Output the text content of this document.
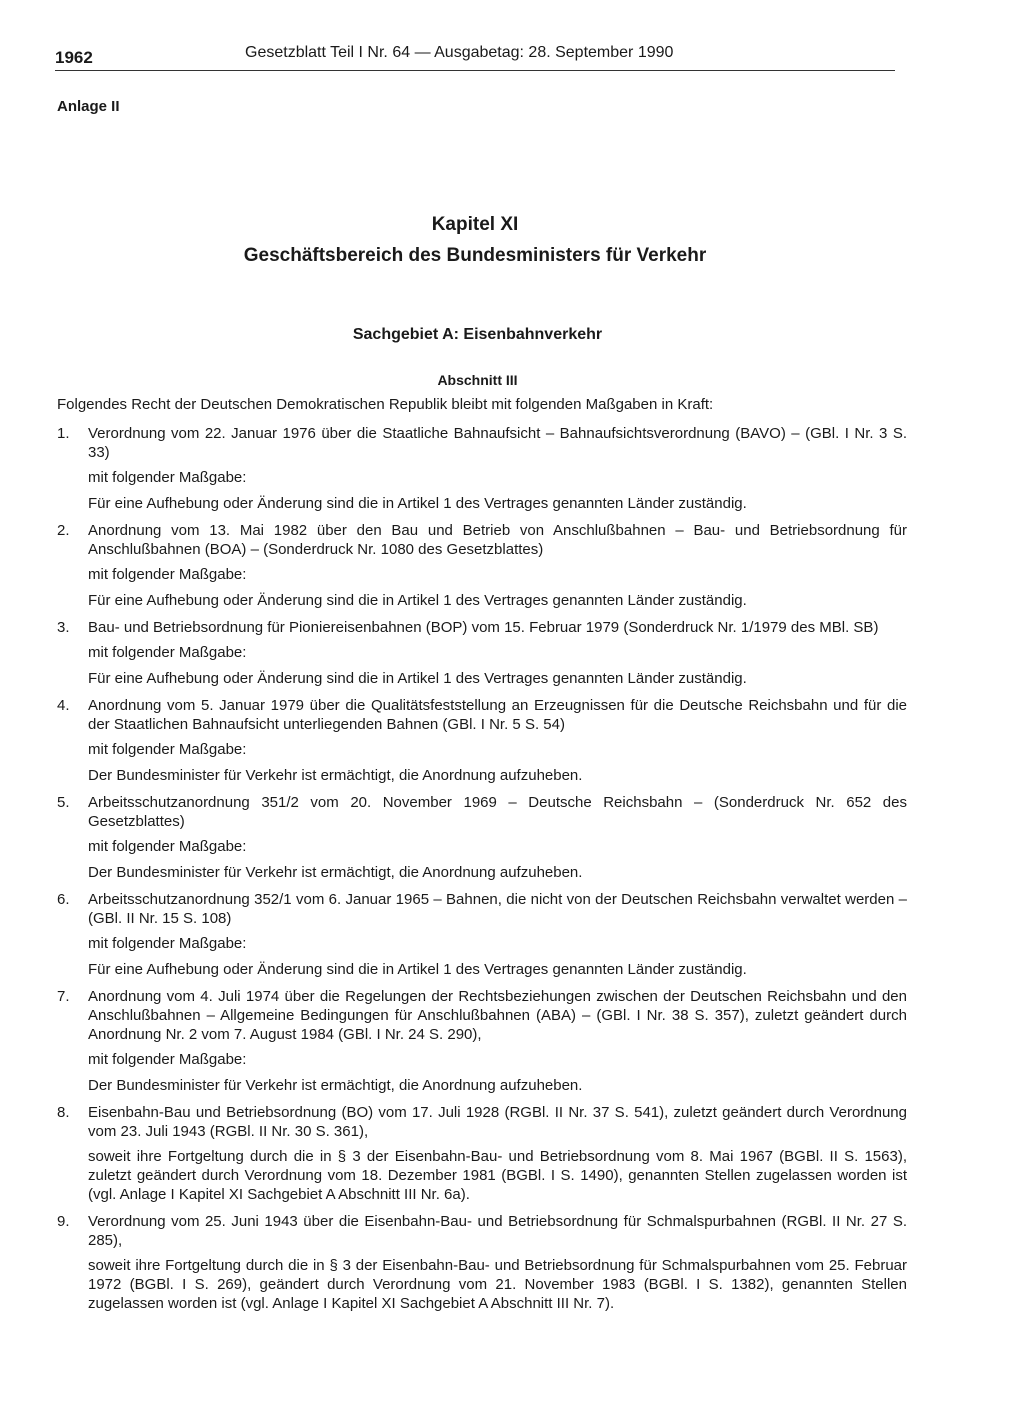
1962	Gesetzblatt Teil I Nr. 64 — Ausgabetag: 28. September 1990
Anlage II
Kapitel XI
Geschäftsbereich des Bundesministers für Verkehr
Sachgebiet A: Eisenbahnverkehr
Abschnitt III
Folgendes Recht der Deutschen Demokratischen Republik bleibt mit folgenden Maßgaben in Kraft:
1. Verordnung vom 22. Januar 1976 über die Staatliche Bahnaufsicht – Bahnaufsichtsverordnung (BAVO) – (GBl. I Nr. 3 S. 33)
mit folgender Maßgabe:
Für eine Aufhebung oder Änderung sind die in Artikel 1 des Vertrages genannten Länder zuständig.
2. Anordnung vom 13. Mai 1982 über den Bau und Betrieb von Anschlußbahnen – Bau- und Betriebsordnung für Anschlußbahnen (BOA) – (Sonderdruck Nr. 1080 des Gesetzblattes)
mit folgender Maßgabe:
Für eine Aufhebung oder Änderung sind die in Artikel 1 des Vertrages genannten Länder zuständig.
3. Bau- und Betriebsordnung für Pioniereisenbahnen (BOP) vom 15. Februar 1979 (Sonderdruck Nr. 1/1979 des MBl. SB)
mit folgender Maßgabe:
Für eine Aufhebung oder Änderung sind die in Artikel 1 des Vertrages genannten Länder zuständig.
4. Anordnung vom 5. Januar 1979 über die Qualitätsfeststellung an Erzeugnissen für die Deutsche Reichsbahn und für die der Staatlichen Bahnaufsicht unterliegenden Bahnen (GBl. I Nr. 5 S. 54)
mit folgender Maßgabe:
Der Bundesminister für Verkehr ist ermächtigt, die Anordnung aufzuheben.
5. Arbeitsschutzanordnung 351/2 vom 20. November 1969 – Deutsche Reichsbahn – (Sonderdruck Nr. 652 des Gesetzblattes)
mit folgender Maßgabe:
Der Bundesminister für Verkehr ist ermächtigt, die Anordnung aufzuheben.
6. Arbeitsschutzanordnung 352/1 vom 6. Januar 1965 – Bahnen, die nicht von der Deutschen Reichsbahn verwaltet werden – (GBl. II Nr. 15 S. 108)
mit folgender Maßgabe:
Für eine Aufhebung oder Änderung sind die in Artikel 1 des Vertrages genannten Länder zuständig.
7. Anordnung vom 4. Juli 1974 über die Regelungen der Rechtsbeziehungen zwischen der Deutschen Reichsbahn und den Anschlußbahnen – Allgemeine Bedingungen für Anschlußbahnen (ABA) – (GBl. I Nr. 38 S. 357), zuletzt geändert durch Anordnung Nr. 2 vom 7. August 1984 (GBl. I Nr. 24 S. 290),
mit folgender Maßgabe:
Der Bundesminister für Verkehr ist ermächtigt, die Anordnung aufzuheben.
8. Eisenbahn-Bau und Betriebsordnung (BO) vom 17. Juli 1928 (RGBl. II Nr. 37 S. 541), zuletzt geändert durch Verordnung vom 23. Juli 1943 (RGBl. II Nr. 30 S. 361),
soweit ihre Fortgeltung durch die in § 3 der Eisenbahn-Bau- und Betriebsordnung vom 8. Mai 1967 (BGBl. II S. 1563), zuletzt geändert durch Verordnung vom 18. Dezember 1981 (BGBl. I S. 1490), genannten Stellen zugelassen worden ist (vgl. Anlage I Kapitel XI Sachgebiet A Abschnitt III Nr. 6a).
9. Verordnung vom 25. Juni 1943 über die Eisenbahn-Bau- und Betriebsordnung für Schmalspurbahnen (RGBl. II Nr. 27 S. 285),
soweit ihre Fortgeltung durch die in § 3 der Eisenbahn-Bau- und Betriebsordnung für Schmalspurbahnen vom 25. Februar 1972 (BGBl. I S. 269), geändert durch Verordnung vom 21. November 1983 (BGBl. I S. 1382), genannten Stellen zugelassen worden ist (vgl. Anlage I Kapitel XI Sachgebiet A Abschnitt III Nr. 7).
